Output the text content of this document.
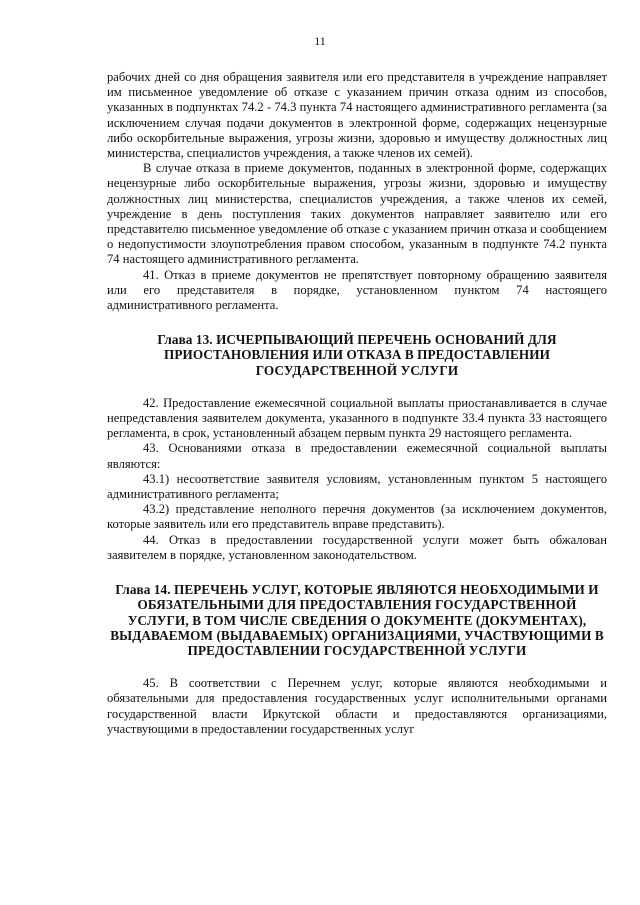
11

рабочих дней со дня обращения заявителя или его представителя в учреждение направляет им письменное уведомление об отказе с указанием причин отказа одним из способов, указанных в подпунктах 74.2 - 74.3 пункта 74 настоящего административного регламента (за исключением случая подачи документов в электронной форме, содержащих нецензурные либо оскорбительные выражения, угрозы жизни, здоровью и имуществу должностных лиц министерства, специалистов учреждения, а также членов их семей).

В случае отказа в приеме документов, поданных в электронной форме, содержащих нецензурные либо оскорбительные выражения, угрозы жизни, здоровью и имуществу должностных лиц министерства, специалистов учреждения, а также членов их семей, учреждение в день поступления таких документов направляет заявителю или его представителю письменное уведомление об отказе с указанием причин отказа и сообщением о недопустимости злоупотребления правом способом, указанным в подпункте 74.2 пункта 74 настоящего административного регламента.

41. Отказ в приеме документов не препятствует повторному обращению заявителя или его представителя в порядке, установленном пунктом 74 настоящего административного регламента.

Глава 13. ИСЧЕРПЫВАЮЩИЙ ПЕРЕЧЕНЬ ОСНОВАНИЙ ДЛЯ ПРИОСТАНОВЛЕНИЯ ИЛИ ОТКАЗА В ПРЕДОСТАВЛЕНИИ ГОСУДАРСТВЕННОЙ УСЛУГИ

42. Предоставление ежемесячной социальной выплаты приостанавливается в случае непредставления заявителем документа, указанного в подпункте 33.4 пункта 33 настоящего регламента, в срок, установленный абзацем первым пункта 29 настоящего регламента.

43. Основаниями отказа в предоставлении ежемесячной социальной выплаты являются:

43.1) несоответствие заявителя условиям, установленным пунктом 5 настоящего административного регламента;

43.2) представление неполного перечня документов (за исключением документов, которые заявитель или его представитель вправе представить).

44. Отказ в предоставлении государственной услуги может быть обжалован заявителем в порядке, установленном законодательством.

Глава 14. ПЕРЕЧЕНЬ УСЛУГ, КОТОРЫЕ ЯВЛЯЮТСЯ НЕОБХОДИМЫМИ И ОБЯЗАТЕЛЬНЫМИ ДЛЯ ПРЕДОСТАВЛЕНИЯ ГОСУДАРСТВЕННОЙ УСЛУГИ, В ТОМ ЧИСЛЕ СВЕДЕНИЯ О ДОКУМЕНТЕ (ДОКУМЕНТАХ), ВЫДАВАЕМОМ (ВЫДАВАЕМЫХ) ОРГАНИЗАЦИЯМИ, УЧАСТВУЮЩИМИ В ПРЕДОСТАВЛЕНИИ ГОСУДАРСТВЕННОЙ УСЛУГИ

45. В соответствии с Перечнем услуг, которые являются необходимыми и обязательными для предоставления государственных услуг исполнительными органами государственной власти Иркутской области и предоставляются организациями, участвующими в предоставлении государственных услуг
